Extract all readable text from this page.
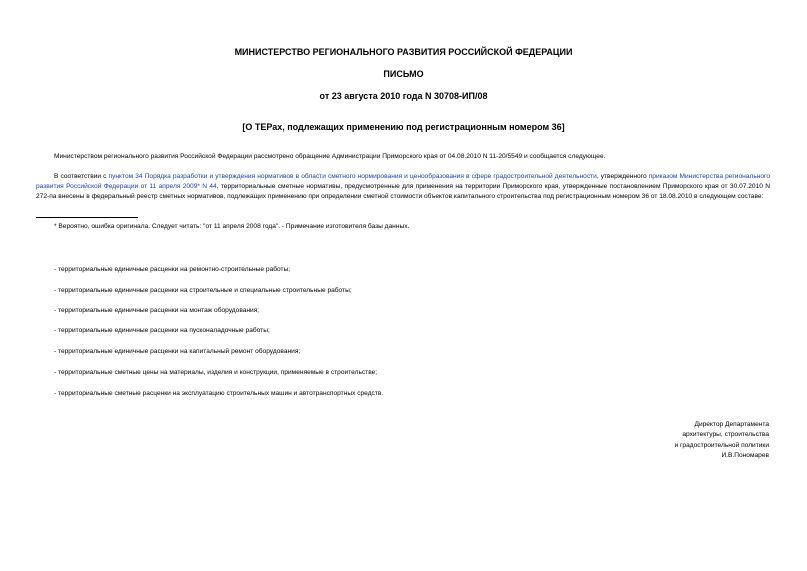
МИНИСТЕРСТВО РЕГИОНАЛЬНОГО РАЗВИТИЯ РОССИЙСКОЙ ФЕДЕРАЦИИ
ПИСЬМО
от 23 августа 2010 года N 30708-ИП/08
[О ТЕРах, подлежащих применению под регистрационным номером 36]
Министерством регионального развития Российской Федерации рассмотрено обращение Администрации Приморского края от 04.08.2010 N 11-20/5549 и сообщается следующее.
В соответствии с пунктом 34 Порядка разработки и утверждения нормативов в области сметного нормирования и ценообразования в сфере градостроительной деятельности, утвержденного приказом Министерства регионального развития Российской Федерации от 11 апреля 2009* N 44, территориальные сметные нормативы, предусмотренные для применения на территории Приморского края, утвержденные постановлением Приморского края от 30.07.2010 N 272-па внесены в федеральный реестр сметных нормативов, подлежащих применению при определении сметной стоимости объектов капитального строительства под регистрационным номером 36 от 18.08.2010 в следующем составе:
* Вероятно, ошибка оригинала. Следует читать: "от 11 апреля 2008 года". - Примечание изготовителя базы данных.
- территориальные единичные расценки на ремонтно-строительные работы;
- территориальные единичные расценки на строительные и специальные строительные работы;
- территориальные единичные расценки на монтаж оборудования;
- территориальные единичные расценки на пусконаладочные работы;
- территориальные единичные расценки на капитальный ремонт оборудования;
- территориальные сметные цены на материалы, изделия и конструкции, применяемые в строительстве;
- территориальные сметные расценки на эксплуатацию строительных машин и автотранспортных средств.
Директор Департамента
архитектуры, строительства
и градостроительной политики
И.В.Пономарев
